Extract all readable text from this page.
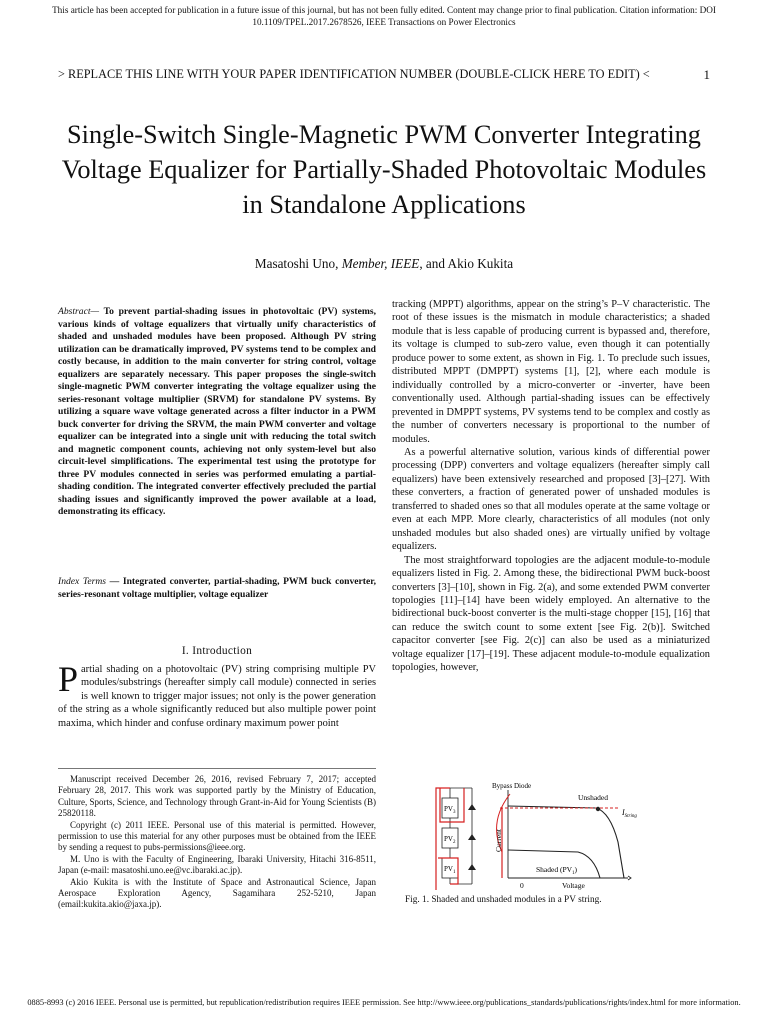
This article has been accepted for publication in a future issue of this journal, but has not been fully edited. Content may change prior to final publication. Citation information: DOI 10.1109/TPEL.2017.2678526, IEEE Transactions on Power Electronics
> REPLACE THIS LINE WITH YOUR PAPER IDENTIFICATION NUMBER (DOUBLE-CLICK HERE TO EDIT) <	1
Single-Switch Single-Magnetic PWM Converter Integrating Voltage Equalizer for Partially-Shaded Photovoltaic Modules in Standalone Applications
Masatoshi Uno, Member, IEEE, and Akio Kukita
Abstract— To prevent partial-shading issues in photovoltaic (PV) systems, various kinds of voltage equalizers that virtually unify characteristics of shaded and unshaded modules have been proposed. Although PV string utilization can be dramatically improved, PV systems tend to be complex and costly because, in addition to the main converter for string control, voltage equalizers are separately necessary. This paper proposes the single-switch single-magnetic PWM converter integrating the voltage equalizer using the series-resonant voltage multiplier (SRVM) for standalone PV systems. By utilizing a square wave voltage generated across a filter inductor in a PWM buck converter for driving the SRVM, the main PWM converter and voltage equalizer can be integrated into a single unit with reducing the total switch and magnetic component counts, achieving not only system-level but also circuit-level simplifications. The experimental test using the prototype for three PV modules connected in series was performed emulating a partial-shading condition. The integrated converter effectively precluded the partial shading issues and significantly improved the power available at a load, demonstrating its efficacy.
Index Terms — Integrated converter, partial-shading, PWM buck converter, series-resonant voltage multiplier, voltage equalizer
I. Introduction

Partial shading on a photovoltaic (PV) string comprising multiple PV modules/substrings (hereafter simply call module) connected in series is well known to trigger major issues; not only is the power generation of the string as a whole significantly reduced but also multiple power point maxima, which hinder and confuse ordinary maximum power point

Manuscript received December 26, 2016, revised February 7, 2017; accepted February 28, 2017. This work was supported partly by the Ministry of Education, Culture, Sports, Science, and Technology through Grant-in-Aid for Young Scientists (B) 25820118.

Copyright (c) 2011 IEEE. Personal use of this material is permitted. However, permission to use this material for any other purposes must be obtained from the IEEE by sending a request to pubs-permissions@ieee.org.

M. Uno is with the Faculty of Engineering, Ibaraki University, Hitachi 316-8511, Japan (e-mail: masatoshi.uno.ee@vc.ibaraki.ac.jp).

Akio Kukita is with the Institute of Space and Astronautical Science, Japan Aerospace Exploration Agency, Sagamihara 252-5210, Japan (email:kukita.akio@jaxa.jp).

tracking (MPPT) algorithms, appear on the string’s P–V characteristic. The root of these issues is the mismatch in module characteristics; a shaded module that is less capable of producing current is bypassed and, therefore, its voltage is clumped to sub-zero value, even though it can potentially produce power to some extent, as shown in Fig. 1. To preclude such issues, distributed MPPT (DMPPT) systems [1], [2], where each module is individually controlled by a micro-converter or -inverter, have been conventionally used. Although partial-shading issues can be effectively prevented in DMPPT systems, PV systems tend to be complex and costly as the number of converters necessary is proportional to the number of modules.

As a powerful alternative solution, various kinds of differential power processing (DPP) converters and voltage equalizers (hereafter simply call equalizers) have been extensively researched and proposed [3]–[27]. With these converters, a fraction of generated power of unshaded modules is transferred to shaded ones so that all modules operate at the same voltage or even at each MPP. More clearly, characteristics of all modules (not only unshaded modules but also shaded ones) are virtually unified by voltage equalizers.

The most straightforward topologies are the adjacent module-to-module equalizers listed in Fig. 2. Among these, the bidirectional PWM buck-boost converters [3]–[10], shown in Fig. 2(a), and some extended PWM converter topologies [11]–[14] have been widely employed. An alternative to the bidirectional buck-boost converter is the multi-stage chopper [15], [16] that can reduce the switch count to some extent [see Fig. 2(b)]. Switched capacitor converter [see Fig. 2(c)] can also be used as a miniaturized voltage equalizer [17]–[19]. These adjacent module-to-module equalization topologies, however,

$PV_3$
$PV_2$
$PV_1$
Bypass Diode
Unshaded
$I_{String}$
Current
Shaded $(PV_1)$
0	Voltage
Fig. 1. Shaded and unshaded modules in a PV string.
0885-8993 (c) 2016 IEEE. Personal use is permitted, but republication/redistribution requires IEEE permission. See http://www.ieee.org/publications_standards/publications/rights/index.html for more information.
